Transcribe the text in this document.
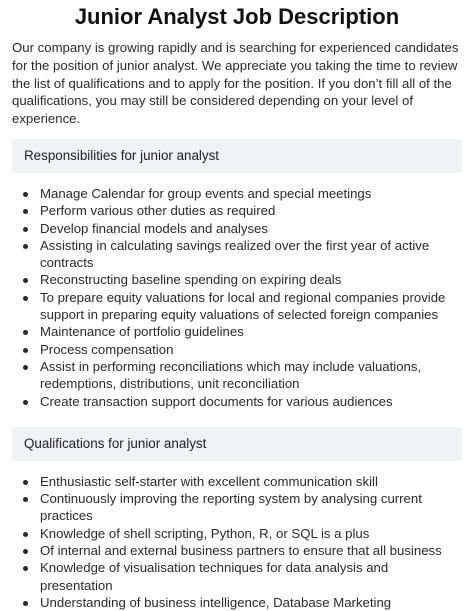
Junior Analyst Job Description

Our company is growing rapidly and is searching for experienced candidates for the position of junior analyst. We appreciate you taking the time to review the list of qualifications and to apply for the position. If you don’t fill all of the qualifications, you may still be considered depending on your level of experience.

Responsibilities for junior analyst
Manage Calendar for group events and special meetings
Perform various other duties as required
Develop financial models and analyses
Assisting in calculating savings realized over the first year of active contracts
Reconstructing baseline spending on expiring deals
To prepare equity valuations for local and regional companies provide support in preparing equity valuations of selected foreign companies
Maintenance of portfolio guidelines
Process compensation
Assist in performing reconciliations which may include valuations, redemptions, distributions, unit reconciliation
Create transaction support documents for various audiences
Qualifications for junior analyst
Enthusiastic self-starter with excellent communication skill
Continuously improving the reporting system by analysing current practices
Knowledge of shell scripting, Python, R, or SQL is a plus
Of internal and external business partners to ensure that all business
Knowledge of visualisation techniques for data analysis and presentation
Understanding of business intelligence, Database Marketing
